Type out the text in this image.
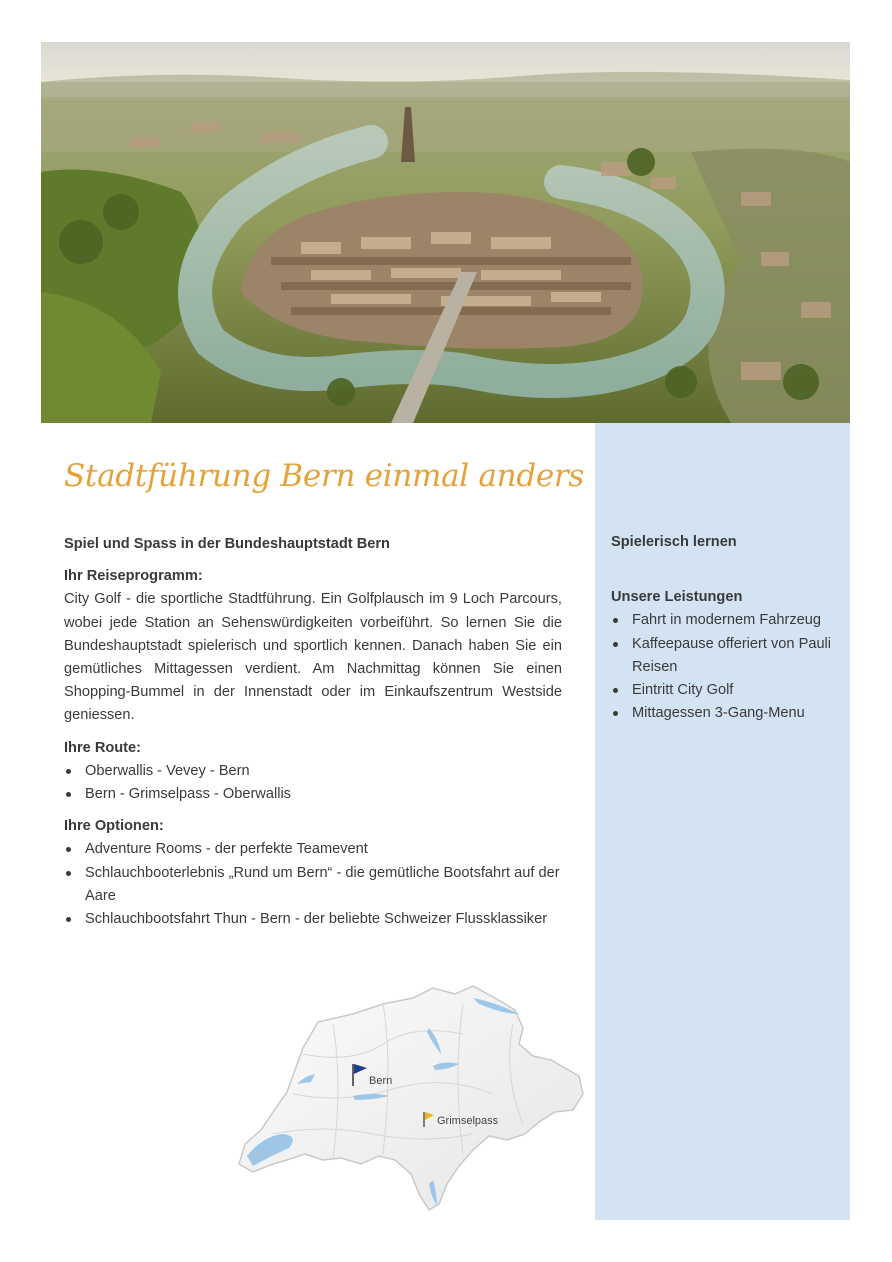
Stadtführung Bern einmal anders

Spiel und Spass in der Bundeshauptstadt Bern

Ihr Reiseprogramm:

City Golf - die sportliche Stadtführung. Ein Golfplausch im 9 Loch Parcours, wobei jede Station an Sehenswürdigkeiten vorbeiführt. So lernen Sie die Bundeshauptstadt spielerisch und sportlich kennen. Danach haben Sie ein gemütliches Mittagessen verdient. Am Nachmittag können Sie einen Shopping-Bummel in der Innenstadt oder im Einkaufszentrum Westside geniessen.

Ihre Route:

Oberwallis - Vevey - Bern
Bern - Grimselpass - Oberwallis

Ihre Optionen:

Adventure Rooms - der perfekte Teamevent
Schlauchbooterlebnis „Rund um Bern“ - die gemütliche Bootsfahrt auf der Aare
Schlauchbootsfahrt Thun - Bern - der beliebte Schweizer Flussklassiker

Spielerisch lernen

Unsere Leistungen

Fahrt in modernem Fahrzeug
Kaffeepause offeriert von Pauli Reisen
Eintritt City Golf
Mittagessen 3-Gang-Menu
Bern
Grimselpass
